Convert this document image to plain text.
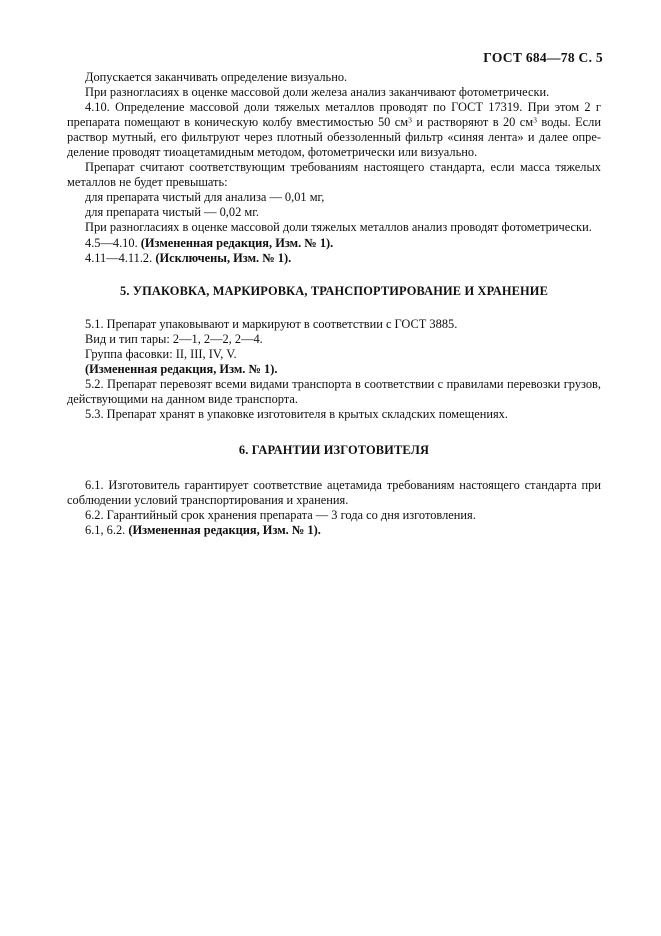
ГОСТ 684—78 С. 5

Допускается заканчивать определение визуально.

При разногласиях в оценке массовой доли железа анализ заканчивают фотометрически.

4.10. Определение массовой доли тяжелых металлов проводят по ГОСТ 17319. При этом 2 г препарата помещают в коническую колбу вместимостью 50 $см^3$ и растворяют в 20 $см^3$ воды. Если раствор мутный, его фильтруют через плотный обеззоленный фильтр «синяя лента» и далее опре-деление проводят тиоацетамидным методом, фотометрически или визуально.

Препарат считают соответствующим требованиям настоящего стандарта, если масса тяжелых металлов не будет превышать:

для препарата чистый для анализа — 0,01 мг,

для препарата чистый — 0,02 мг.

При разногласиях в оценке массовой доли тяжелых металлов анализ проводят фотометрически.

4.5—4.10. (Измененная редакция, Изм. № 1).

4.11—4.11.2. (Исключены, Изм. № 1).

5. УПАКОВКА, МАРКИРОВКА, ТРАНСПОРТИРОВАНИЕ И ХРАНЕНИЕ

5.1. Препарат упаковывают и маркируют в соответствии с ГОСТ 3885.

Вид и тип тары: 2—1, 2—2, 2—4.

Группа фасовки: II, III, IV, V.

(Измененная редакция, Изм. № 1).

5.2. Препарат перевозят всеми видами транспорта в соответствии с правилами перевозки грузов, действующими на данном виде транспорта.

5.3. Препарат хранят в упаковке изготовителя в крытых складских помещениях.

6. ГАРАНТИИ ИЗГОТОВИТЕЛЯ

6.1. Изготовитель гарантирует соответствие ацетамида требованиям настоящего стандарта при соблюдении условий транспортирования и хранения.

6.2. Гарантийный срок хранения препарата — 3 года со дня изготовления.

6.1, 6.2. (Измененная редакция, Изм. № 1).
